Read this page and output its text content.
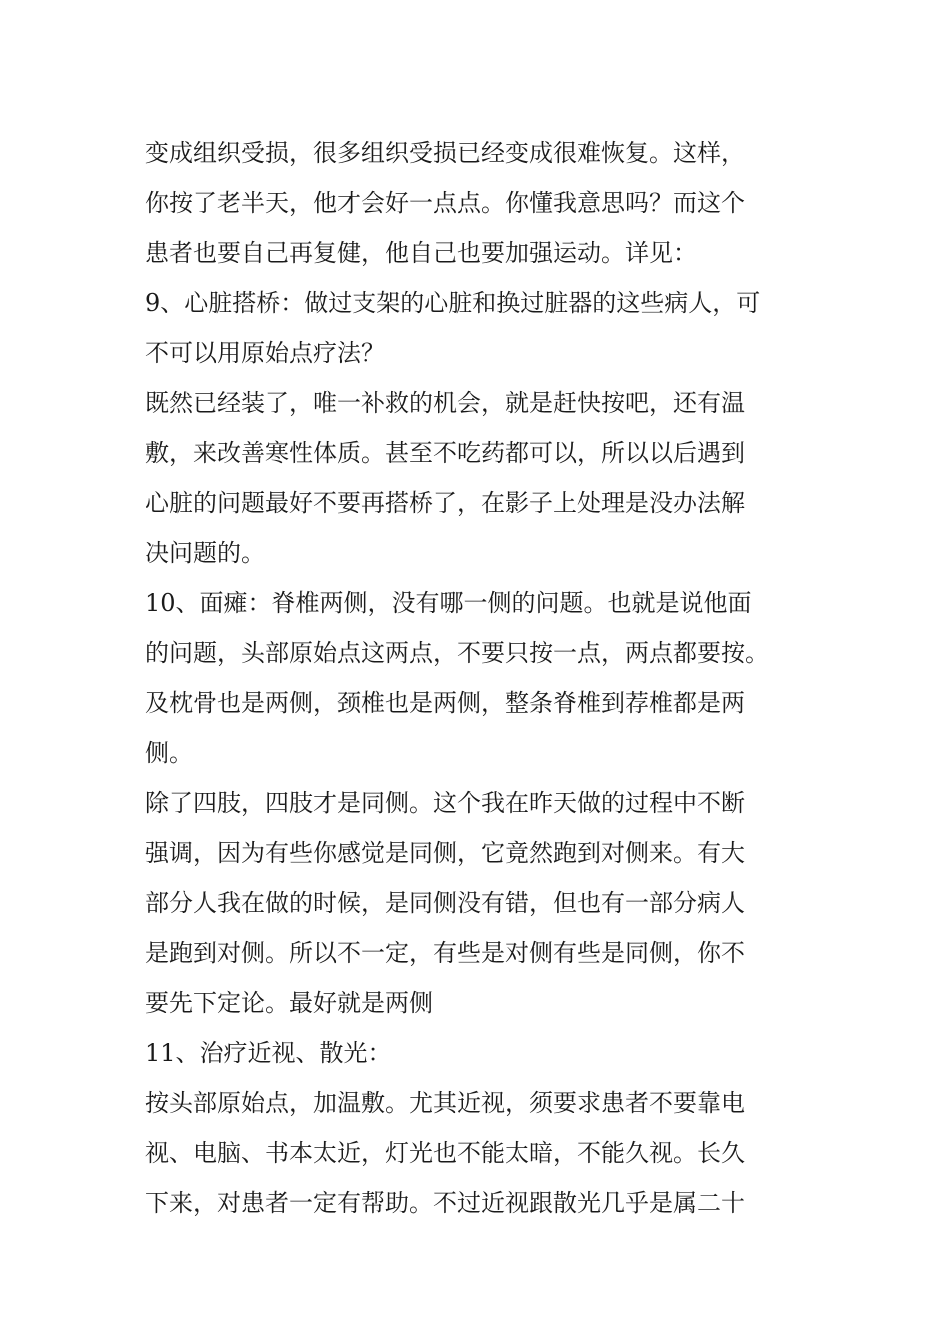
变成组织受损，很多组织受损已经变成很难恢复。这样，
你按了老半天，他才会好一点点。你懂我意思吗？而这个
患者也要自己再复健，他自己也要加强运动。详见：
9、心脏搭桥：做过支架的心脏和换过脏器的这些病人，可
不可以用原始点疗法？
既然已经装了，唯一补救的机会，就是赶快按吧，还有温
敷，来改善寒性体质。甚至不吃药都可以，所以以后遇到
心脏的问题最好不要再搭桥了，在影子上处理是没办法解
决问题的。
10、面瘫：脊椎两侧，没有哪一侧的问题。也就是说他面
的问题，头部原始点这两点，不要只按一点，两点都要按。
及枕骨也是两侧，颈椎也是两侧，整条脊椎到荐椎都是两
侧。
除了四肢，四肢才是同侧。这个我在昨天做的过程中不断
强调，因为有些你感觉是同侧，它竟然跑到对侧来。有大
部分人我在做的时候，是同侧没有错，但也有一部分病人
是跑到对侧。所以不一定，有些是对侧有些是同侧，你不
要先下定论。最好就是两侧
11、治疗近视、散光：
按头部原始点，加温敷。尤其近视，须要求患者不要靠电
视、电脑、书本太近，灯光也不能太暗，不能久视。长久
下来，对患者一定有帮助。不过近视跟散光几乎是属二十
